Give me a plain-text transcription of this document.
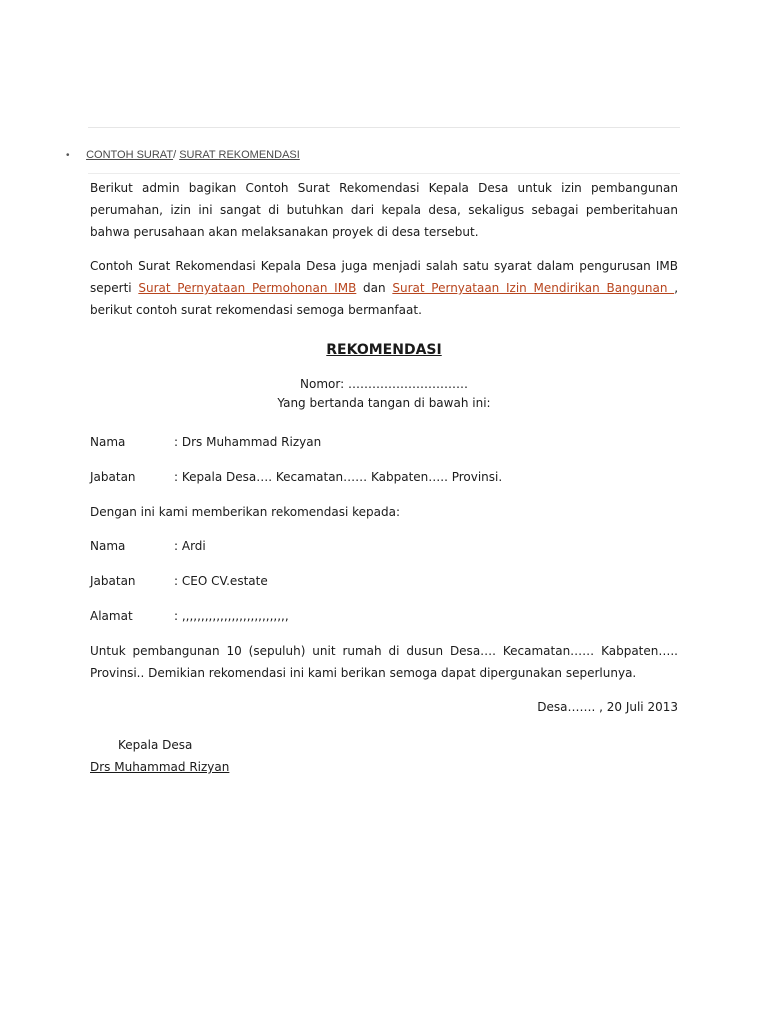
• CONTOH SURAT/ SURAT REKOMENDASI

Berikut admin bagikan Contoh Surat Rekomendasi Kepala Desa untuk izin pembangunan perumahan, izin ini sangat di butuhkan dari kepala desa, sekaligus sebagai pemberitahuan bahwa perusahaan akan melaksanakan proyek di desa tersebut.

Contoh Surat Rekomendasi Kepala Desa juga menjadi salah satu syarat dalam pengurusan IMB seperti Surat Pernyataan Permohonan IMB dan Surat Pernyataan Izin Mendirikan Bangunan , berikut contoh surat rekomendasi semoga bermanfaat.

REKOMENDASI
Nomor: …………………………
Yang bertanda tangan di bawah ini:
Nama	: Drs Muhammad Rizyan
Jabatan	: Kepala Desa…. Kecamatan…… Kabpaten….. Provinsi.

Dengan ini kami memberikan rekomendasi kepada:

Nama	: Ardi
Jabatan	: CEO CV.estate
Alamat	: ,,,,,,,,,,,,,,,,,,,,,,,,,,,,

Untuk pembangunan 10 (sepuluh) unit rumah di dusun Desa…. Kecamatan…… Kabpaten….. Provinsi.. Demikian rekomendasi ini kami berikan semoga dapat dipergunakan seperlunya.

Desa……. , 20 Juli 2013
Kepala Desa
Drs Muhammad Rizyan
